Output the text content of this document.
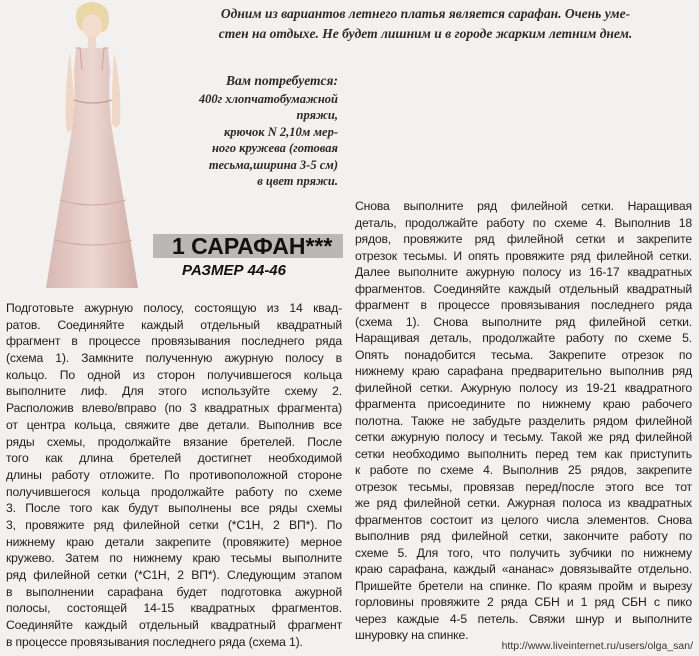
Одним из вариантов летнего платья является сарафан. Очень уме-
стен на отдыхе. Не будет лишним и в городе жарким летним днем.
Вам потребуется:
400г хлопчатобумажной
пряжи,
крючок N 2,10м мер-
ного кружева (готовая
тесьма,ширина 3-5 см)
в цвет пряжи.
1 САРАФАН***
РАЗМЕР 44-46
Подготовьте ажурную полосу, состоящую из 14 квад-
ратов. Соединяйте каждый отдельный квадратный
фрагмент в процессе провязывания последнего ряда
(схема 1). Замкните полученную ажурную полосу в
кольцо. По одной из сторон получившегося кольца
выполните лиф. Для этого используйте схему 2.
Расположив влево/вправо (по 3 квадратных фрагмента)
от центра кольца, свяжите две детали. Выполнив все
ряды схемы, продолжайте вязание бретелей. После
того как длина бретелей достигнет необходимой
длины работу отложите. По противоположной стороне
получившегося кольца продолжайте работу по схеме
3. После того как будут выполнены все ряды схемы
3, провяжите ряд филейной сетки (*С1Н, 2 ВП*). По
нижнему краю детали закрепите (провяжите) мерное
кружево. Затем по нижнему краю тесьмы выполните
ряд филейной сетки (*С1Н, 2 ВП*). Следующим этапом
в выполнении сарафана будет подготовка ажурной
полосы, состоящей 14-15 квадратных фрагментов.
Соединяйте каждый отдельный квадратный фрагмент
в процессе провязывания последнего ряда (схема 1).
Снова выполните ряд филейной сетки. Наращивая
деталь, продолжайте работу по схеме 4. Выполнив 18
рядов, провяжите ряд филейной сетки и закрепите
отрезок тесьмы. И опять провяжите ряд филейной сетки.
Далее выполните ажурную полосу из 16-17 квадратных
фрагментов. Соединяйте каждый отдельный квадратный
фрагмент в процессе провязывания последнего ряда
(схема 1). Снова выполните ряд филейной сетки.
Наращивая деталь, продолжайте работу по схеме 5.
Опять понадобится тесьма. Закрепите отрезок по
нижнему краю сарафана предварительно выполнив ряд
филейной сетки. Ажурную полосу из 19-21 квадратного
фрагмента присоедините по нижнему краю рабочего
полотна. Также не забудьте разделить рядом филейной
сетки ажурную полосу и тесьму. Такой же ряд филейной
сетки необходимо выполнить перед тем как приступить
к работе по схеме 4. Выполнив 25 рядов, закрепите
отрезок тесьмы, провязав перед/после этого все тот
же ряд филейной сетки. Ажурная полоса из квадратных
фрагментов состоит из целого числа элементов. Снова
выполнив ряд филейной сетки, закончите работу по
схеме 5. Для того, что получить зубчики по нижнему
краю сарафана, каждый «ананас» довязывайте отдельно.
Пришейте бретели на спинке. По краям пройм и вырезу
горловины провяжите 2 ряда СБН и 1 ряд СБН с пико
через каждые 4-5 петель. Свяжи шнур и выполните
шнуровку на спинке.
http://www.liveinternet.ru/users/olga_san/
